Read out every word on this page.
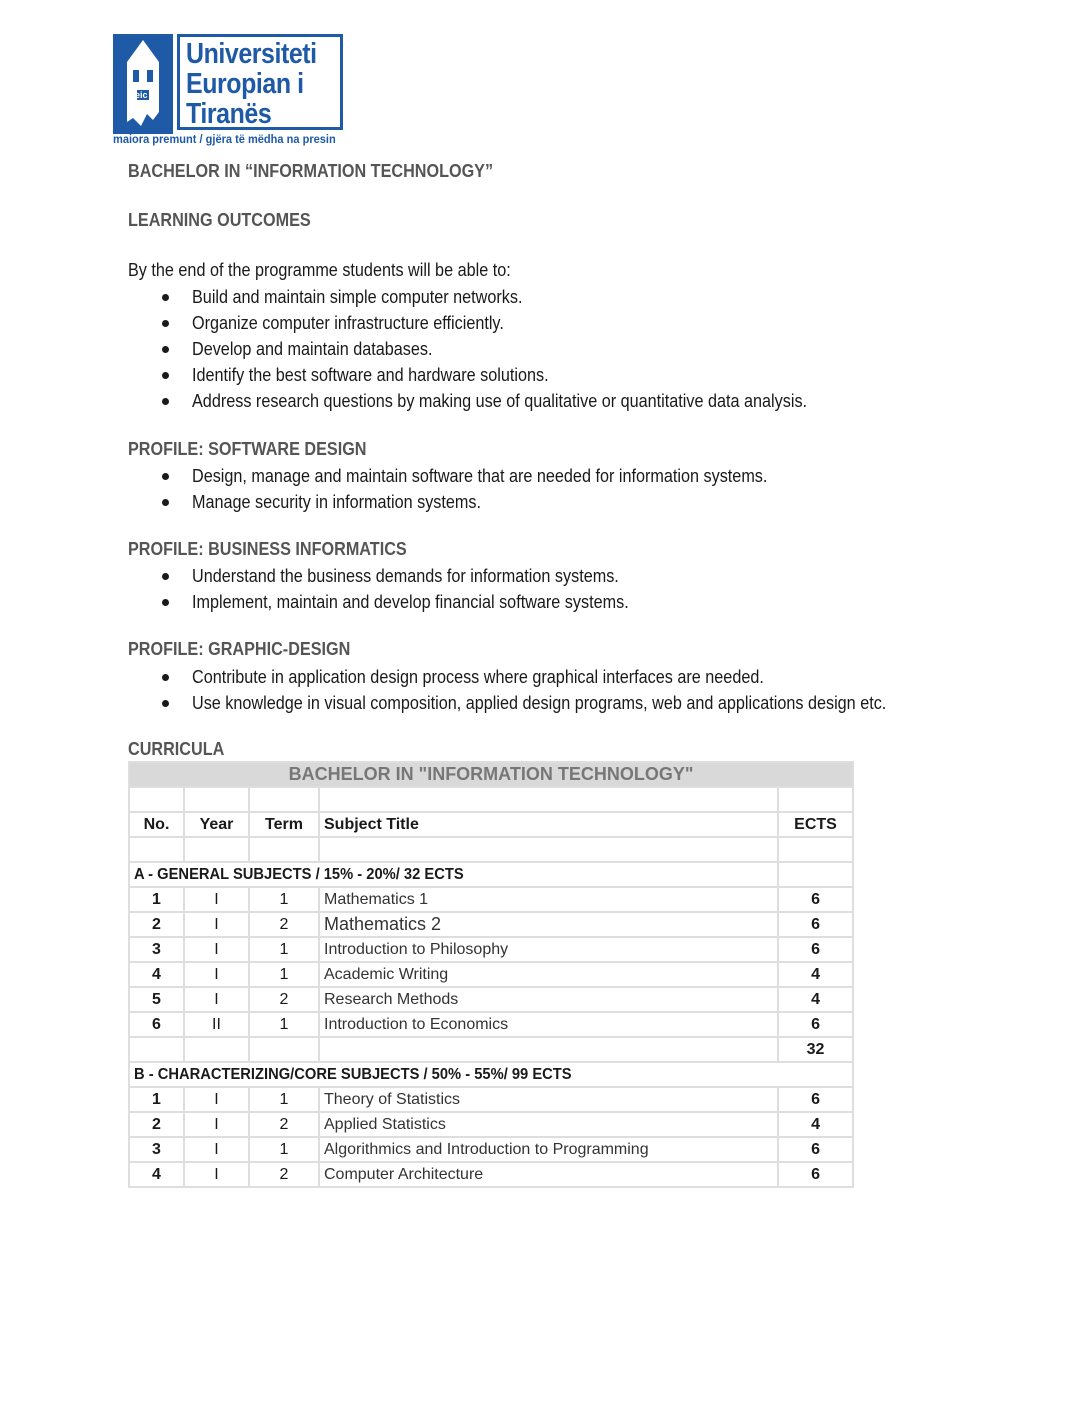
eic
Universiteti
Europian i
Tiranës
maiora premunt / gjëra të mëdha na presin
BACHELOR IN “INFORMATION TECHNOLOGY”
LEARNING OUTCOMES
By the end of the programme students will be able to:
Build and maintain simple computer networks.
Organize computer infrastructure efficiently.
Develop and maintain databases.
Identify the best software and hardware solutions.
Address research questions by making use of qualitative or quantitative data analysis.
PROFILE: SOFTWARE DESIGN
Design, manage and maintain software that are needed for information systems.
Manage security in information systems.
PROFILE: BUSINESS INFORMATICS
Understand the business demands for information systems.
Implement, maintain and develop financial software systems.
PROFILE: GRAPHIC-DESIGN
Contribute in application design process where graphical interfaces are needed.
Use knowledge in visual composition, applied design programs, web and applications design etc.
CURRICULA
BACHELOR IN "INFORMATION TECHNOLOGY"				

No.	Year	Term	Subject Title	ECTS

A - GENERAL SUBJECTS / 15% - 20%/ 32 ECTS				
1	I	1	Mathematics 1	6
2	I	2	Mathematics 2	6
3	I	1	Introduction to Philosophy	6
4	I	1	Academic Writing	4
5	I	2	Research Methods	4
6	II	1	Introduction to Economics	6
				32
B - CHARACTERIZING/CORE SUBJECTS / 50% - 55%/ 99 ECTS				
1	I	1	Theory of Statistics	6
2	I	2	Applied Statistics	4
3	I	1	Algorithmics and Introduction to Programming	6
4	I	2	Computer Architecture	6
